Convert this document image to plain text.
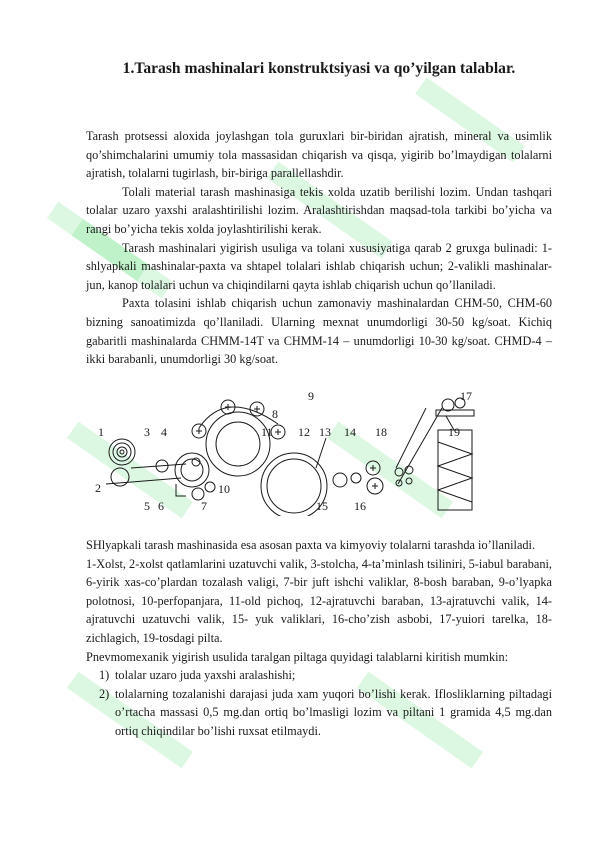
1.Tarash mashinalari konstruktsiyasi va qo’yilgan talablar.

Tarash protsessi aloxida joylashgan tola guruxlari bir-biridan ajratish, mineral va usimlik qo’shimchalarini umumiy tola massasidan chiqarish va qisqa, yigirib bo’lmaydigan tolalarni ajratish, tolalarni tugirlash, bir-biriga parallellashdir.

Tolali material tarash mashinasiga tekis xolda uzatib berilishi lozim. Undan tashqari tolalar uzaro yaxshi aralashtirilishi lozim. Aralashtirishdan maqsad-tola tarkibi bo’yicha va rangi bo’yicha tekis xolda joylashtirilishi kerak.

Tarash mashinalari yigirish usuliga va tolani xususiyatiga qarab 2 gruxga bulinadi: 1- shlyapkali mashinalar-paxta va shtapel tolalari ishlab chiqarish uchun; 2-valikli mashinalar-jun, kanop tolalari uchun va chiqindilarni qayta ishlab chiqarish uchun qo’llaniladi.

Paxta tolasini ishlab chiqarish uchun zamonaviy mashinalardan CHM-50, CHM-60 bizning sanoatimizda qo’llaniladi. Ularning mexnat unumdorligi 30-50 kg/soat. Kichiq gabaritli mashinalarda CHMM-14T va CHMM-14 – unumdorligi 10-30 kg/soat. CHMD-4 – ikki barabanli, unumdorligi 30 kg/soat.

1
2
3 4
5 6	7
8
9
10
11 12 13 14
15 16
17
18	19

SHlyapkali tarash mashinasida esa asosan paxta va kimyoviy tolalarni tarashda io’llaniladi.

1-Xolst, 2-xolst qatlamlarini uzatuvchi valik, 3-stolcha, 4-ta’minlash tsiliniri, 5-iabul barabani, 6-yirik xas-co’plardan tozalash valigi, 7-bir juft ishchi valiklar, 8-bosh baraban, 9-o’lyapka polotnosi, 10-perfopanjara, 11-old pichoq, 12-ajratuvchi baraban, 13-ajratuvchi valik, 14-ajratuvchi uzatuvchi valik, 15- yuk valiklari, 16-cho’zish asbobi, 17-yuiori tarelka, 18-zichlagich, 19-tosdagi pilta.

Pnevmomexanik yigirish usulida taralgan piltaga quyidagi talablarni kiritish mumkin:

1) tolalar uzaro juda yaxshi aralashishi;
2) tolalarning tozalanishi darajasi juda xam yuqori bo’lishi kerak. Iflosliklarning piltadagi o’rtacha massasi 0,5 mg.dan ortiq bo’lmasligi lozim va piltani 1 gramida 4,5 mg.dan ortiq chiqindilar bo’lishi ruxsat etilmaydi.
